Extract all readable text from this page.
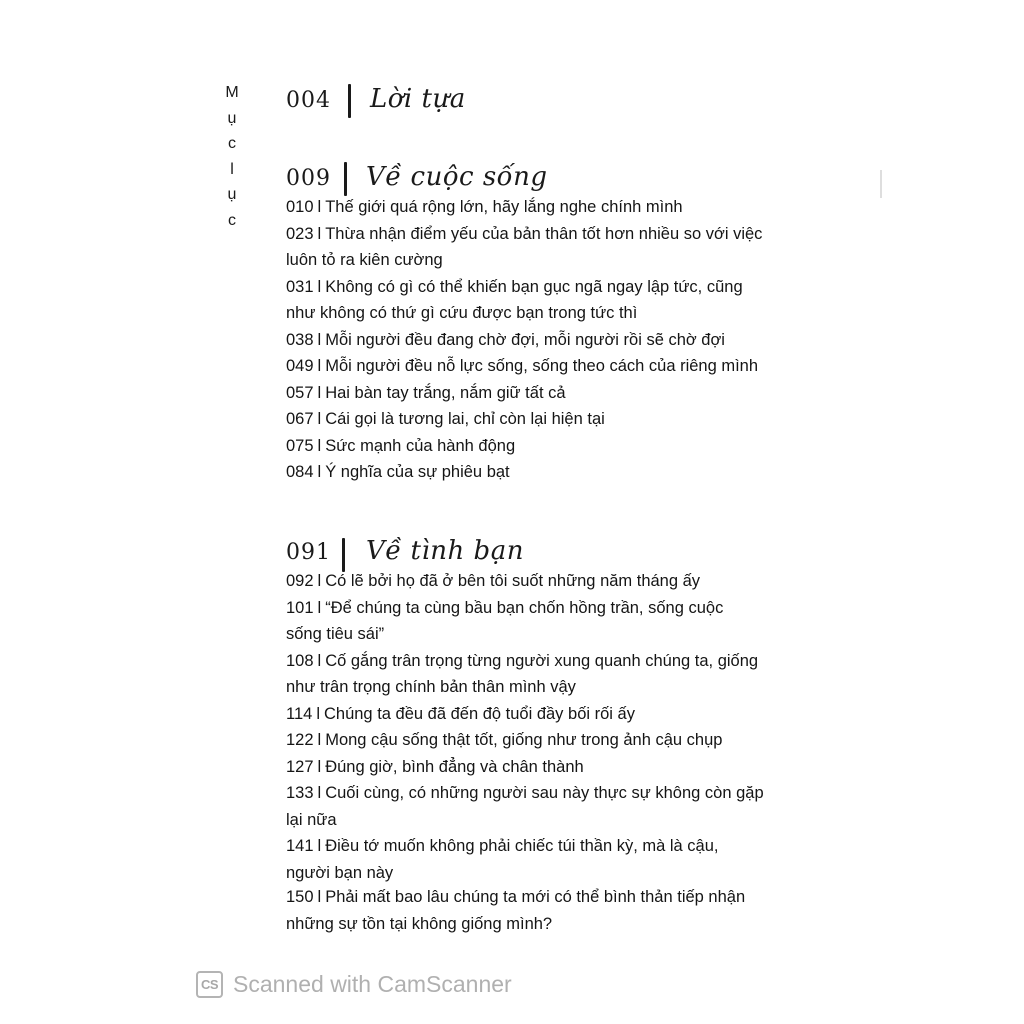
M
ụ
c
l
ụ
c
004 Lời tựa
009 Về cuộc sống
010 l Thế giới quá rộng lớn, hãy lắng nghe chính mình
023 l Thừa nhận điểm yếu của bản thân tốt hơn nhiều so với việc
luôn tỏ ra kiên cường
031 l Không có gì có thể khiến bạn gục ngã ngay lập tức, cũng
như không có thứ gì cứu được bạn trong tức thì
038 l Mỗi người đều đang chờ đợi, mỗi người rồi sẽ chờ đợi
049 l Mỗi người đều nỗ lực sống, sống theo cách của riêng mình
057 l Hai bàn tay trắng, nắm giữ tất cả
067 l Cái gọi là tương lai, chỉ còn lại hiện tại
075 l Sức mạnh của hành động
084 l Ý nghĩa của sự phiêu bạt
091 Về tình bạn
092 l Có lẽ bởi họ đã ở bên tôi suốt những năm tháng ấy
101 l “Để chúng ta cùng bầu bạn chốn hồng trần, sống cuộc
sống tiêu sái”
108 l Cố gắng trân trọng từng người xung quanh chúng ta, giống
như trân trọng chính bản thân mình vậy
114 l Chúng ta đều đã đến độ tuổi đầy bối rối ấy
122 l Mong cậu sống thật tốt, giống như trong ảnh cậu chụp
127 l Đúng giờ, bình đẳng và chân thành
133 l Cuối cùng, có những người sau này thực sự không còn gặp
lại nữa
141 l Điều tớ muốn không phải chiếc túi thần kỳ, mà là cậu,
người bạn này
150 l Phải mất bao lâu chúng ta mới có thể bình thản tiếp nhận
những sự tồn tại không giống mình?
CS Scanned with CamScanner
